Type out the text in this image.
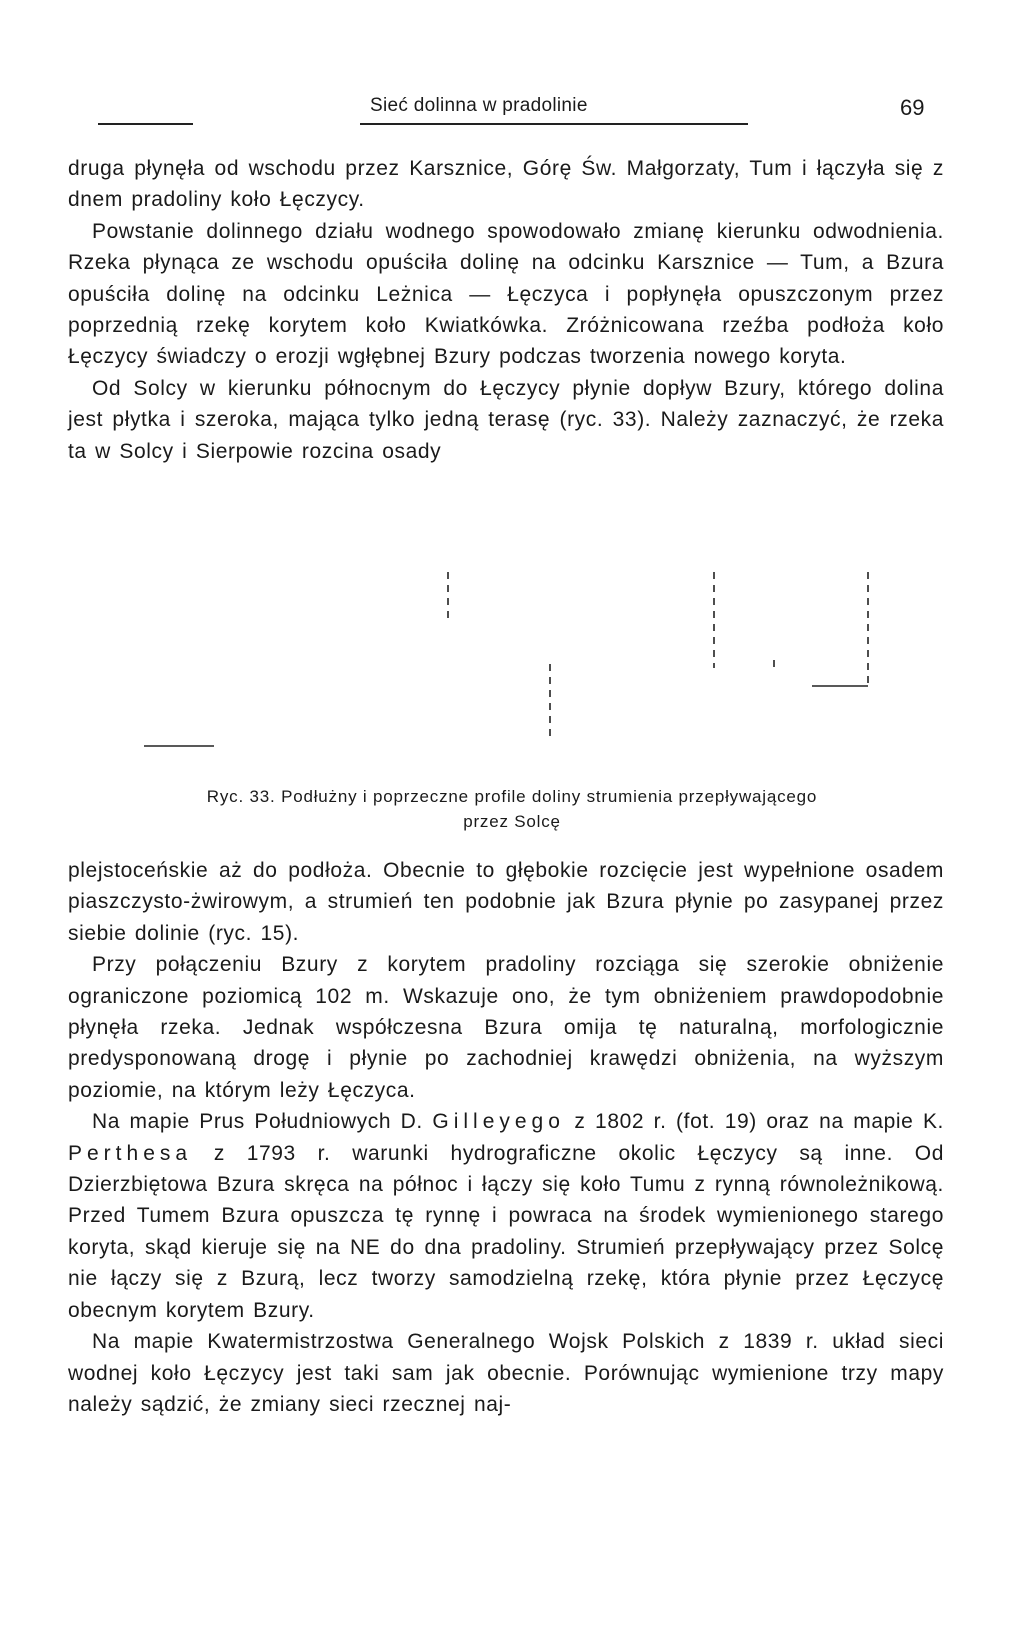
Sieć dolinna w pradolinie	69

druga płynęła od wschodu przez Karsznice, Górę Św. Małgorzaty, Tum i łączyła się z dnem pradoliny koło Łęczycy.

Powstanie dolinnego działu wodnego spowodowało zmianę kierunku odwodnienia. Rzeka płynąca ze wschodu opuściła dolinę na odcinku Karsznice — Tum, a Bzura opuściła dolinę na odcinku Leżnica — Łęczyca i popłynęła opuszczonym przez poprzednią rzekę korytem koło Kwiatkówka. Zróżnicowana rzeźba podłoża koło Łęczycy świadczy o erozji wgłębnej Bzury podczas tworzenia nowego koryta.

Od Solcy w kierunku północnym do Łęczycy płynie dopływ Bzury, którego dolina jest płytka i szeroka, mająca tylko jedną terasę (ryc. 33). Należy zaznaczyć, że rzeka ta w Solcy i Sierpowie rozcina osady

Ryc. 33. Podłużny i poprzeczne profile doliny strumienia przepływającego
przez Solcę

plejstoceńskie aż do podłoża. Obecnie to głębokie rozcięcie jest wypełnione osadem piaszczysto-żwirowym, a strumień ten podobnie jak Bzura płynie po zasypanej przez siebie dolinie (ryc. 15).

Przy połączeniu Bzury z korytem pradoliny rozciąga się szerokie obniżenie ograniczone poziomicą 102 m. Wskazuje ono, że tym obniżeniem prawdopodobnie płynęła rzeka. Jednak współczesna Bzura omija tę naturalną, morfologicznie predysponowaną drogę i płynie po zachodniej krawędzi obniżenia, na wyższym poziomie, na którym leży Łęczyca.

Na mapie Prus Południowych D. Gilleyego z 1802 r. (fot. 19) oraz na mapie K. Perthesa z 1793 r. warunki hydrograficzne okolic Łęczycy są inne. Od Dzierzbiętowa Bzura skręca na północ i łączy się koło Tumu z rynną równoleżnikową. Przed Tumem Bzura opuszcza tę rynnę i powraca na środek wymienionego starego koryta, skąd kieruje się na NE do dna pradoliny. Strumień przepływający przez Solcę nie łączy się z Bzurą, lecz tworzy samodzielną rzekę, która płynie przez Łęczycę obecnym korytem Bzury.

Na mapie Kwatermistrzostwa Generalnego Wojsk Polskich z 1839 r. układ sieci wodnej koło Łęczycy jest taki sam jak obecnie. Porównując wymienione trzy mapy należy sądzić, że zmiany sieci rzecznej naj-
